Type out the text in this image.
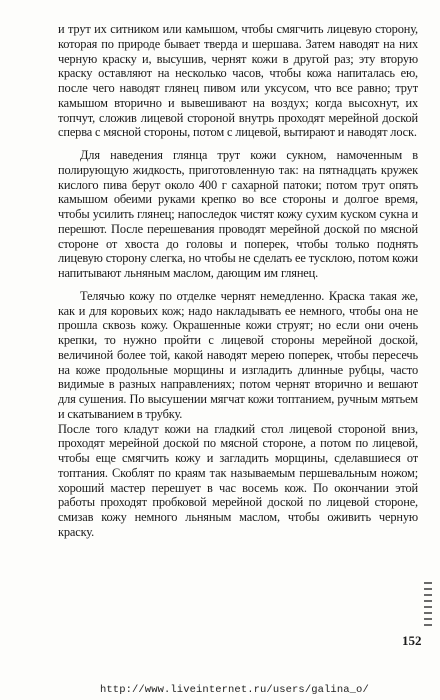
и трут их ситником или камышом, чтобы смягчить лицевую сторону, которая по природе бывает тверда и шершава. Затем наводят на них черную краску и, высушив, чернят кожи в другой раз; эту вторую краску оставляют на несколько часов, чтобы кожа напиталась ею, после чего наводят глянец пивом или уксусом, что все равно; трут камышом вторично и вывешивают на воздух; когда высохнут, их топчут, сложив лицевой стороной внутрь проходят мерейной доской сперва с мясной стороны, потом с лицевой, вытирают и наводят лоск.

Для наведения глянца трут кожи сукном, намоченным в полирующую жидкость, приготовленную так: на пятнадцать кружек кислого пива берут около 400 г сахарной патоки; потом трут опять камышом обеими руками крепко во все стороны и долгое время, чтобы усилить глянец; напоследок чистят кожу сухим куском сукна и перешют. После перешевания проводят мерейной доской по мясной стороне от хвоста до головы и поперек, чтобы только поднять лицевую сторону слегка, но чтобы не сделать ее тусклою, потом кожи напитывают льняным маслом, дающим им глянец.

Телячью кожу по отделке чернят немедленно. Краска такая же, как и для коровьих кож; надо накладывать ее немного, чтобы она не прошла сквозь кожу. Окрашенные кожи струят; но если они очень крепки, то нужно пройти с лицевой стороны мерейной доской, величиной более той, какой наводят мерею поперек, чтобы пересечь на коже продольные морщины и изгладить длинные рубцы, часто видимые в разных направлениях; потом чернят вторично и вешают для сушения. По высушении мягчат кожи топтанием, ручным мятьем и скатыванием в трубку.

После того кладут кожи на гладкий стол лицевой стороной вниз, проходят мерейной доской по мясной стороне, а потом по лицевой, чтобы еще смягчить кожу и загладить морщины, сделавшиеся от топтания. Скоблят по краям так называемым першевальным ножом; хороший мастер перешует в час восемь кож. По окончании этой работы проходят пробковой мерейной доской по лицевой стороне, смизав кожу немного льняным маслом, чтобы оживить черную краску.

152
http://www.liveinternet.ru/users/galina_o/
